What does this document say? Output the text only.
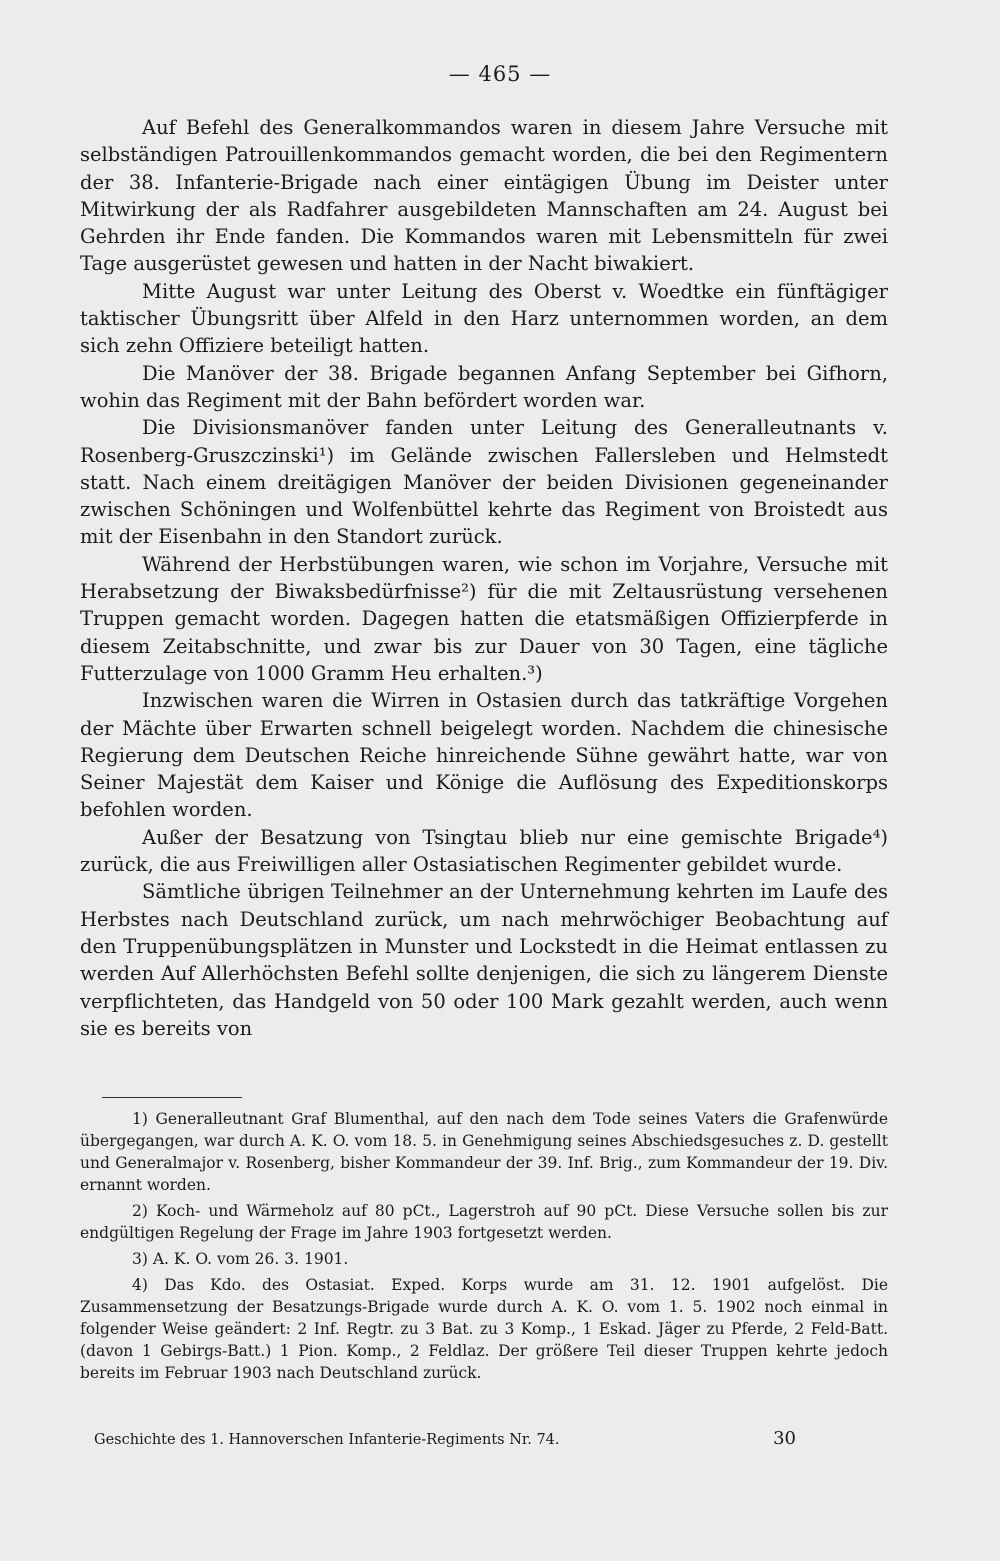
— 465 —

Auf Befehl des Generalkommandos waren in diesem Jahre Versuche mit selbständigen Patrouillenkommandos gemacht worden, die bei den Regimentern der 38. Infanterie-Brigade nach einer eintägigen Übung im Deister unter Mitwirkung der als Radfahrer ausgebildeten Mannschaften am 24. August bei Gehrden ihr Ende fanden. Die Kommandos waren mit Lebensmitteln für zwei Tage ausgerüstet gewesen und hatten in der Nacht biwakiert.

Mitte August war unter Leitung des Oberst v. Woedtke ein fünftägiger taktischer Übungsritt über Alfeld in den Harz unternommen worden, an dem sich zehn Offiziere beteiligt hatten.

Die Manöver der 38. Brigade begannen Anfang September bei Gifhorn, wohin das Regiment mit der Bahn befördert worden war.

Die Divisionsmanöver fanden unter Leitung des Generalleutnants v. Rosenberg-Gruszczinski¹) im Gelände zwischen Fallersleben und Helmstedt statt. Nach einem dreitägigen Manöver der beiden Divisionen gegeneinander zwischen Schöningen und Wolfenbüttel kehrte das Regiment von Broistedt aus mit der Eisenbahn in den Standort zurück.

Während der Herbstübungen waren, wie schon im Vorjahre, Versuche mit Herabsetzung der Biwaksbedürfnisse²) für die mit Zeltausrüstung versehenen Truppen gemacht worden. Dagegen hatten die etatsmäßigen Offizierpferde in diesem Zeitabschnitte, und zwar bis zur Dauer von 30 Tagen, eine tägliche Futterzulage von 1000 Gramm Heu erhalten.³)

Inzwischen waren die Wirren in Ostasien durch das tatkräftige Vorgehen der Mächte über Erwarten schnell beigelegt worden. Nachdem die chinesische Regierung dem Deutschen Reiche hinreichende Sühne gewährt hatte, war von Seiner Majestät dem Kaiser und Könige die Auflösung des Expeditionskorps befohlen worden.

Außer der Besatzung von Tsingtau blieb nur eine gemischte Brigade⁴) zurück, die aus Freiwilligen aller Ostasiatischen Regimenter gebildet wurde.

Sämtliche übrigen Teilnehmer an der Unternehmung kehrten im Laufe des Herbstes nach Deutschland zurück, um nach mehrwöchiger Beobachtung auf den Truppenübungsplätzen in Munster und Lockstedt in die Heimat entlassen zu werden Auf Allerhöchsten Befehl sollte denjenigen, die sich zu längerem Dienste verpflichteten, das Handgeld von 50 oder 100 Mark gezahlt werden, auch wenn sie es bereits von

1) Generalleutnant Graf Blumenthal, auf den nach dem Tode seines Vaters die Grafenwürde übergegangen, war durch A. K. O. vom 18. 5. in Genehmigung seines Abschiedsgesuches z. D. gestellt und Generalmajor v. Rosenberg, bisher Kommandeur der 39. Inf. Brig., zum Kommandeur der 19. Div. ernannt worden.

2) Koch- und Wärmeholz auf 80 pCt., Lagerstroh auf 90 pCt. Diese Versuche sollen bis zur endgültigen Regelung der Frage im Jahre 1903 fortgesetzt werden.

3) A. K. O. vom 26. 3. 1901.

4) Das Kdo. des Ostasiat. Exped. Korps wurde am 31. 12. 1901 aufgelöst. Die Zusammensetzung der Besatzungs-Brigade wurde durch A. K. O. vom 1. 5. 1902 noch einmal in folgender Weise geändert: 2 Inf. Regtr. zu 3 Bat. zu 3 Komp., 1 Eskad. Jäger zu Pferde, 2 Feld-Batt. (davon 1 Gebirgs-Batt.) 1 Pion. Komp., 2 Feldlaz. Der größere Teil dieser Truppen kehrte jedoch bereits im Februar 1903 nach Deutschland zurück.

Geschichte des 1. Hannoverschen Infanterie-Regiments Nr. 74.	30
